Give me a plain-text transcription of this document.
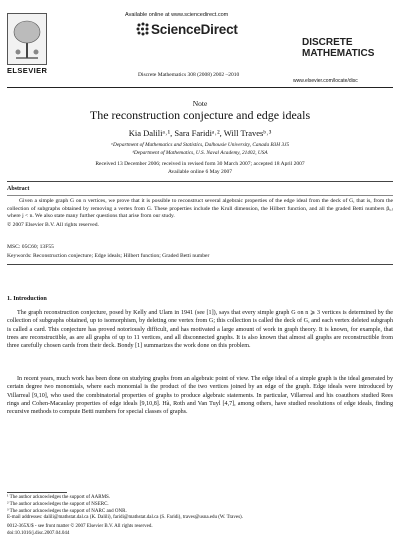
Available online at www.sciencedirect.com
ScienceDirect
ELSEVIER	Discrete Mathematics 308 (2008) 2002 –2010
DISCRETE
MATHEMATICS
www.elsevier.com/locate/disc
Note
The reconstruction conjecture and edge ideals
Kia Daliliᵃ˒¹, Sara Faridiᵃ˒², Will Travesᵇ˒³
ᵃDepartment of Mathematics and Statistics, Dalhousie University, Canada B3H 3J5
ᵇDepartment of Mathematics, U.S. Naval Academy, 21402, USA
Received 13 December 2006; received in revised form 30 March 2007; accepted 18 April 2007
Available online 6 May 2007
Abstract
Given a simple graph G on n vertices, we prove that it is possible to reconstruct several algebraic properties of the edge ideal from the deck of G, that is, from the collection of subgraphs obtained by removing a vertex from G. These properties include the Krull dimension, the Hilbert function, and all the graded Betti numbers βᵢ,ⱼ where j < n. We also state many further questions that arise from our study.
© 2007 Elsevier B.V. All rights reserved.
MSC: 05C60; 13F55
Keywords: Reconstruction conjecture; Edge ideals; Hilbert function; Graded Betti number
1. Introduction
The graph reconstruction conjecture, posed by Kelly and Ulam in 1941 (see [1]), says that every simple graph G on n ⩾ 3 vertices is determined by the collection of subgraphs obtained, up to isomorphism, by deleting one vertex from G; this collection is called the deck of G, and each vertex deleted subgraph is called a card. This conjecture has proved notoriously difficult, and has motivated a large amount of work in graph theory. It is known, for example, that trees are reconstructible, as are all graphs of up to 11 vertices, and all disconnected graphs. It is also known that almost all graphs are reconstructible from three carefully chosen cards from their deck. Bondy [1] summarizes the work done on this problem.
In recent years, much work has been done on studying graphs from an algebraic point of view. The edge ideal of a simple graph is the ideal generated by certain degree two monomials, where each monomial is the product of the two vertices joined by an edge of the graph. Edge ideals were introduced by Villarreal [9,10], who used the combinatorial properties of graphs to produce algebraic statements. In particular, Villarreal and his coauthors studied Rees rings and Cohen-Macaulay properties of edge ideals [9,10,8]. Hà, Roth and Van Tuyl [4,7], among others, have studied resolutions of edge ideals, finding recursive methods to compute Betti numbers for special classes of graphs.
¹ The author acknowledges the support of AARMS.
² The author acknowledges the support of NSERC.
³ The author acknowledges the support of NARC and ONR.
E-mail addresses: dalili@mathstat.dal.ca (K. Dalili), faridi@mathstat.dal.ca (S. Faridi), traves@usna.edu (W. Traves).
0012-365X/$ - see front matter © 2007 Elsevier B.V. All rights reserved.
doi:10.1016/j.disc.2007.04.044
